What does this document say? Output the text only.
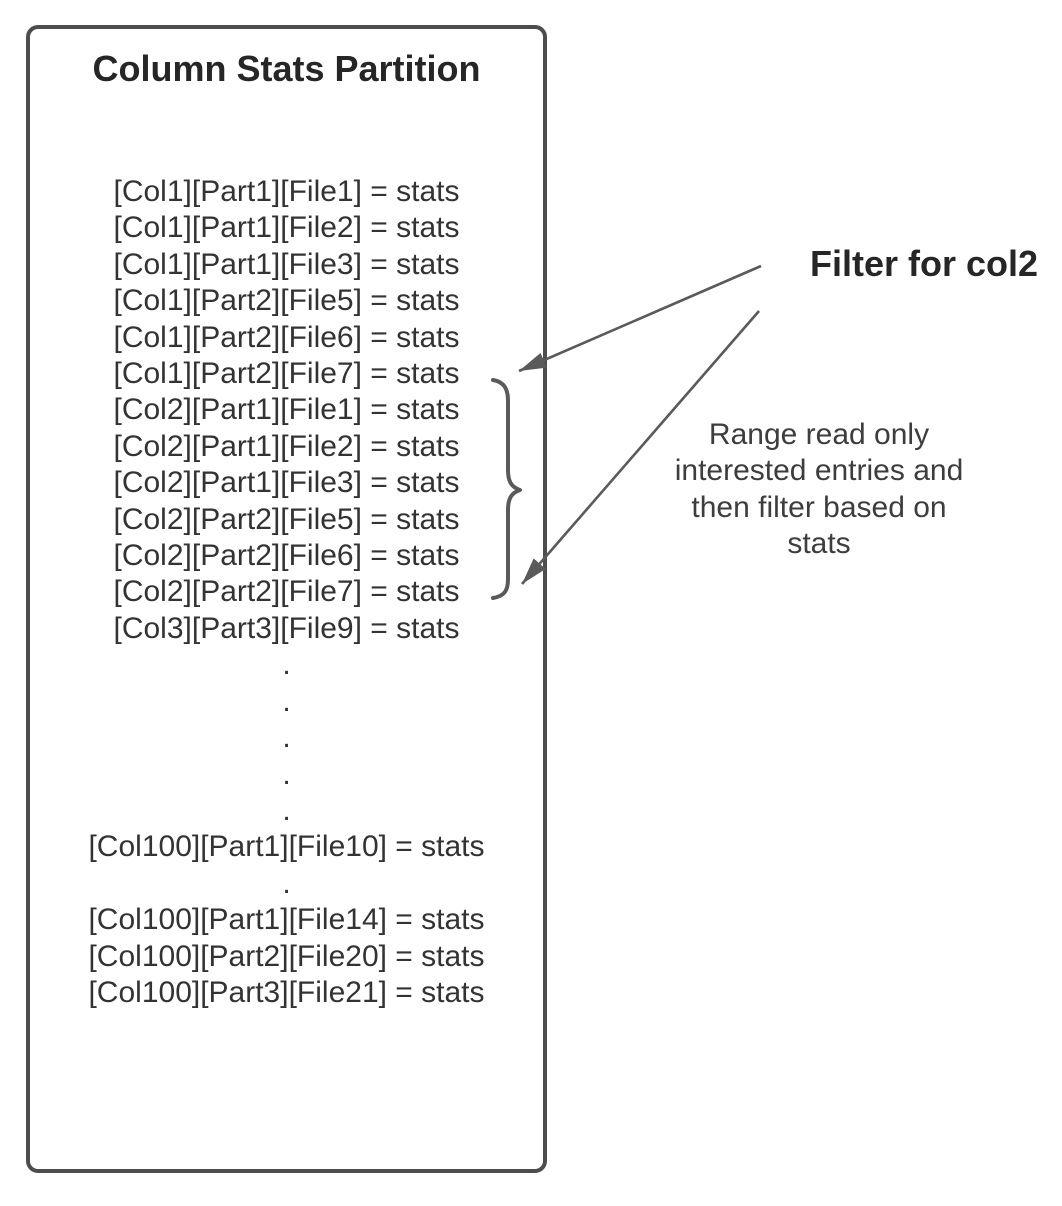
Column Stats Partition
[Col1][Part1][File1] = stats
[Col1][Part1][File2] = stats
[Col1][Part1][File3] = stats
[Col1][Part2][File5] = stats
[Col1][Part2][File6] = stats
[Col1][Part2][File7] = stats
[Col2][Part1][File1] = stats
[Col2][Part1][File2] = stats
[Col2][Part1][File3] = stats
[Col2][Part2][File5] = stats
[Col2][Part2][File6] = stats
[Col2][Part2][File7] = stats
[Col3][Part3][File9] = stats
.
.
.
.
.
[Col100][Part1][File10] = stats
.
[Col100][Part1][File14] = stats
[Col100][Part2][File20] = stats
[Col100][Part3][File21] = stats
Filter for col2
Range read only
interested entries and
then filter based on
stats
